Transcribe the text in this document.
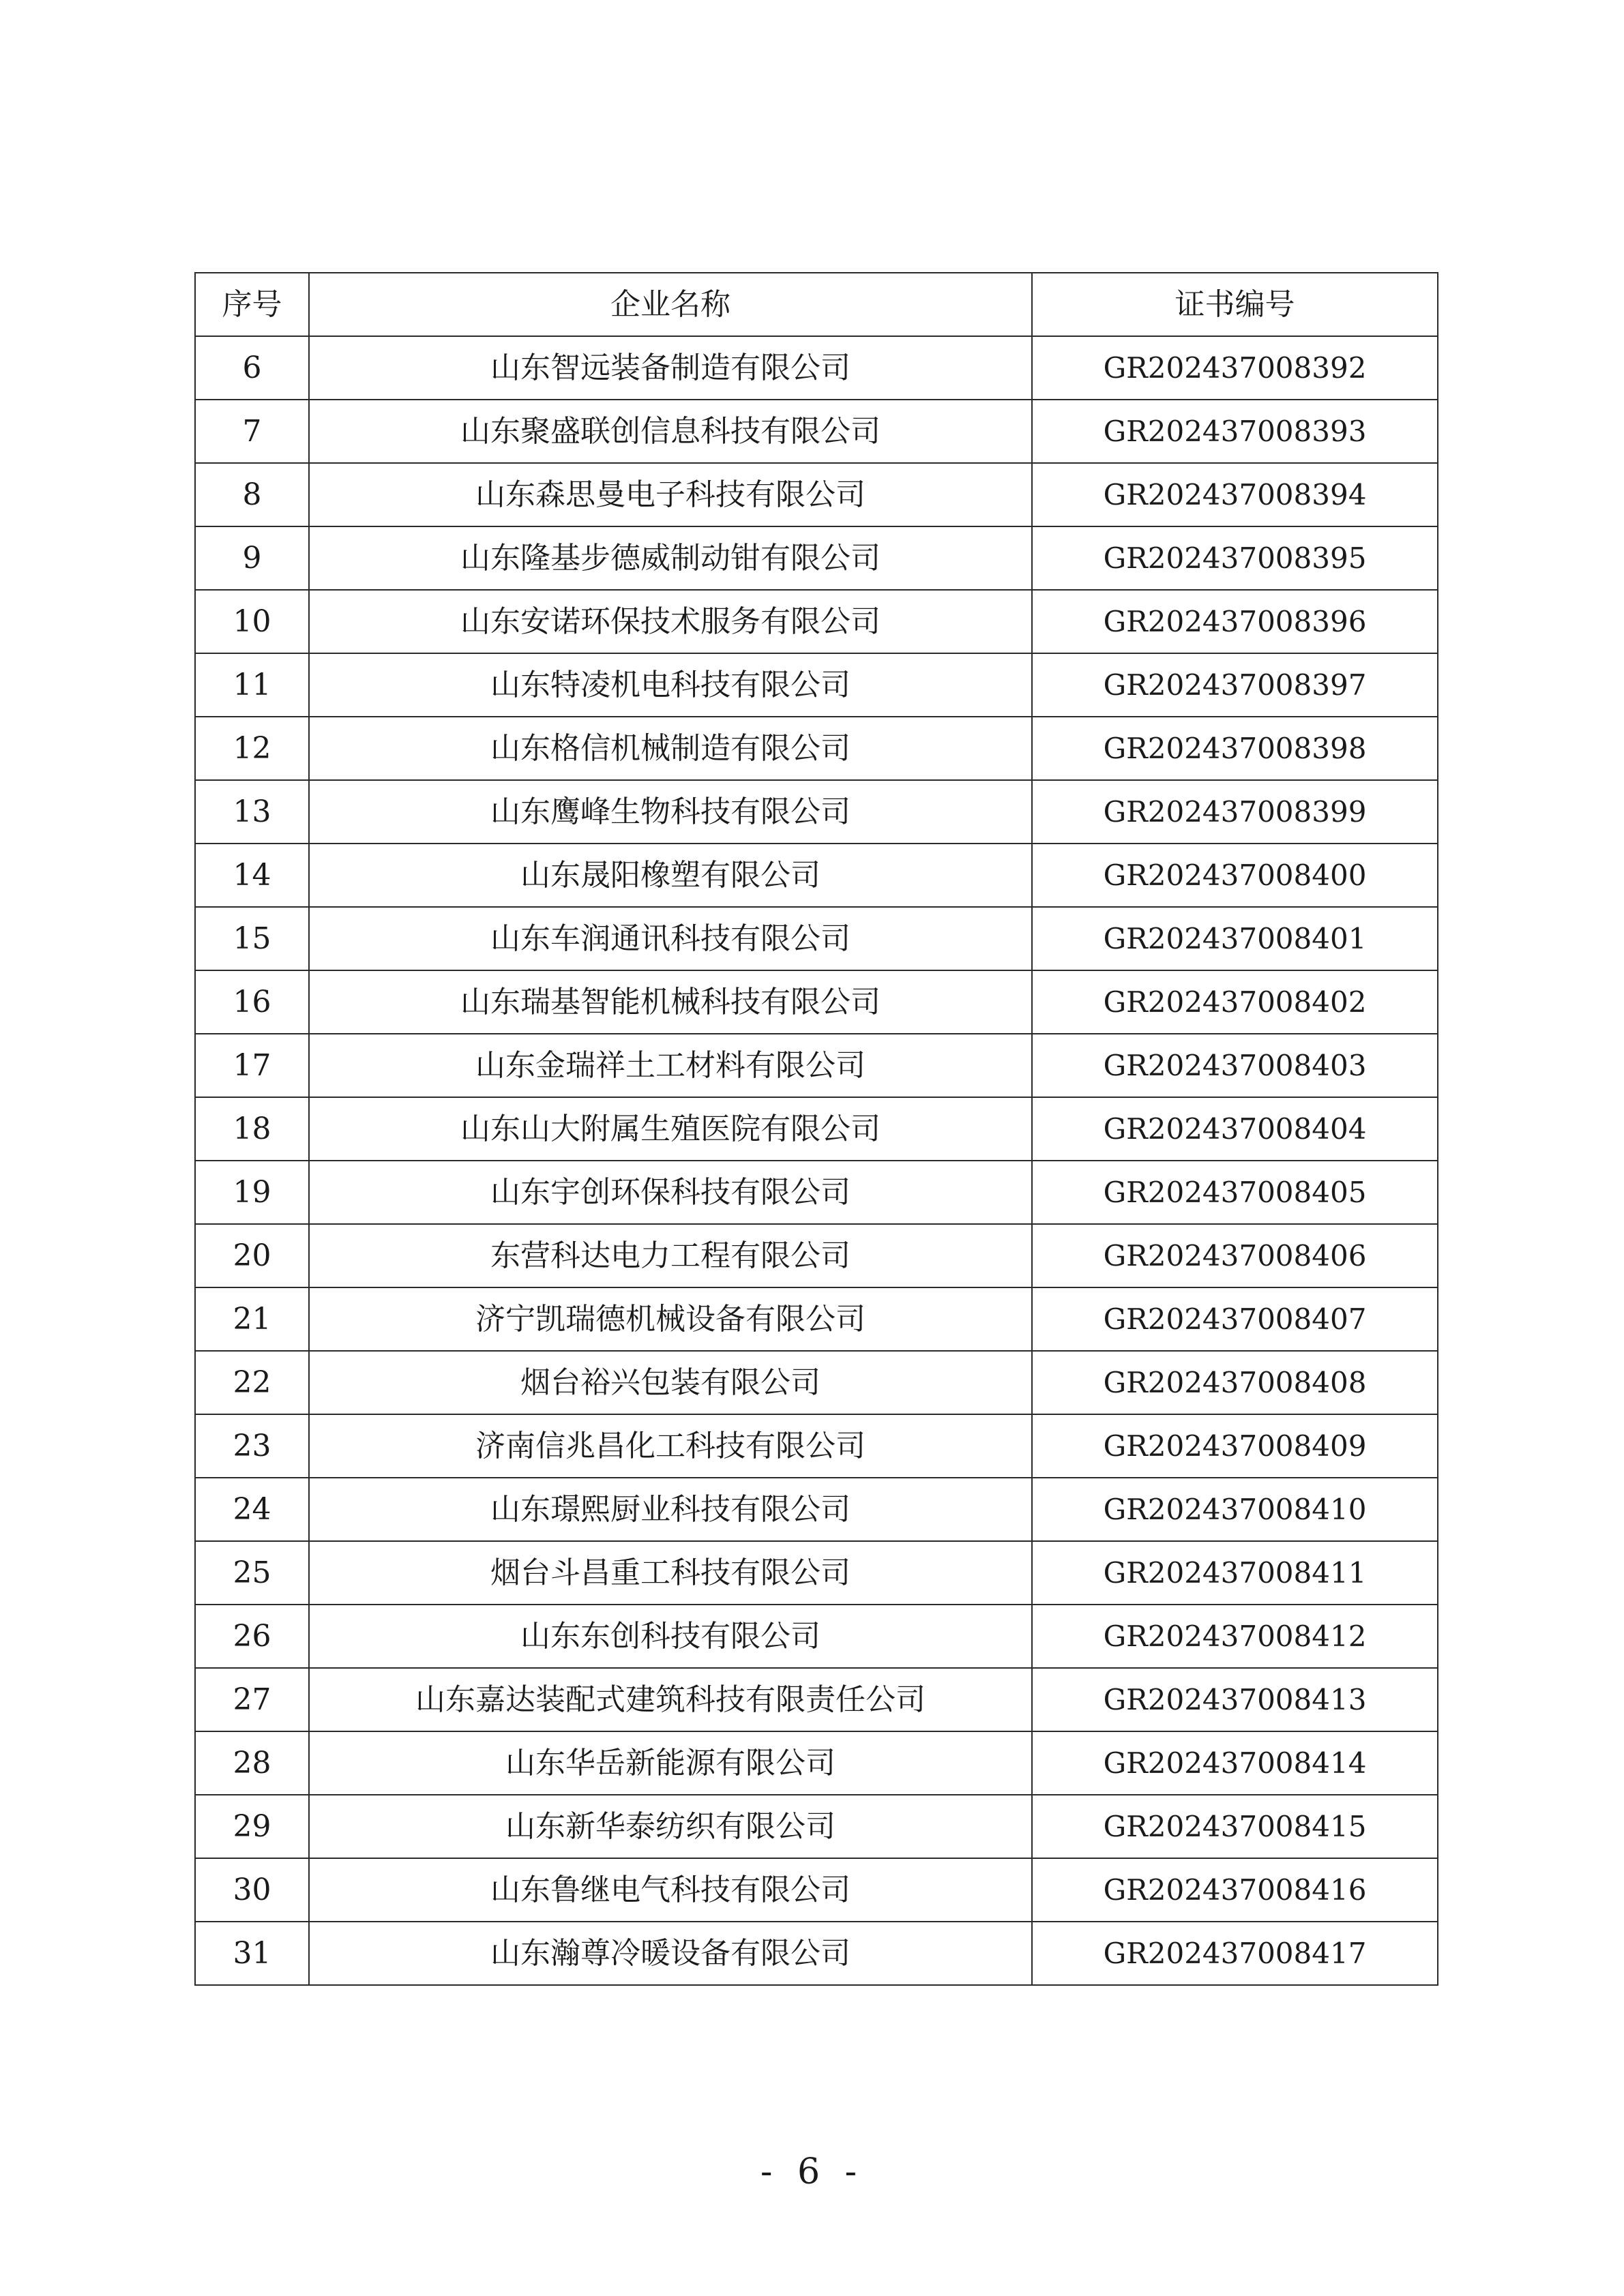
序号	企业名称	证书编号
6	山东智远装备制造有限公司	GR202437008392
7	山东聚盛联创信息科技有限公司	GR202437008393
8	山东森思曼电子科技有限公司	GR202437008394
9	山东隆基步德威制动钳有限公司	GR202437008395
10	山东安诺环保技术服务有限公司	GR202437008396
11	山东特凌机电科技有限公司	GR202437008397
12	山东格信机械制造有限公司	GR202437008398
13	山东鹰峰生物科技有限公司	GR202437008399
14	山东晟阳橡塑有限公司	GR202437008400
15	山东车润通讯科技有限公司	GR202437008401
16	山东瑞基智能机械科技有限公司	GR202437008402
17	山东金瑞祥土工材料有限公司	GR202437008403
18	山东山大附属生殖医院有限公司	GR202437008404
19	山东宇创环保科技有限公司	GR202437008405
20	东营科达电力工程有限公司	GR202437008406
21	济宁凯瑞德机械设备有限公司	GR202437008407
22	烟台裕兴包装有限公司	GR202437008408
23	济南信兆昌化工科技有限公司	GR202437008409
24	山东璟熙厨业科技有限公司	GR202437008410
25	烟台斗昌重工科技有限公司	GR202437008411
26	山东东创科技有限公司	GR202437008412
27	山东嘉达装配式建筑科技有限责任公司	GR202437008413
28	山东华岳新能源有限公司	GR202437008414
29	山东新华泰纺织有限公司	GR202437008415
30	山东鲁继电气科技有限公司	GR202437008416
31	山东瀚尊冷暖设备有限公司	GR202437008417
- 6 -
